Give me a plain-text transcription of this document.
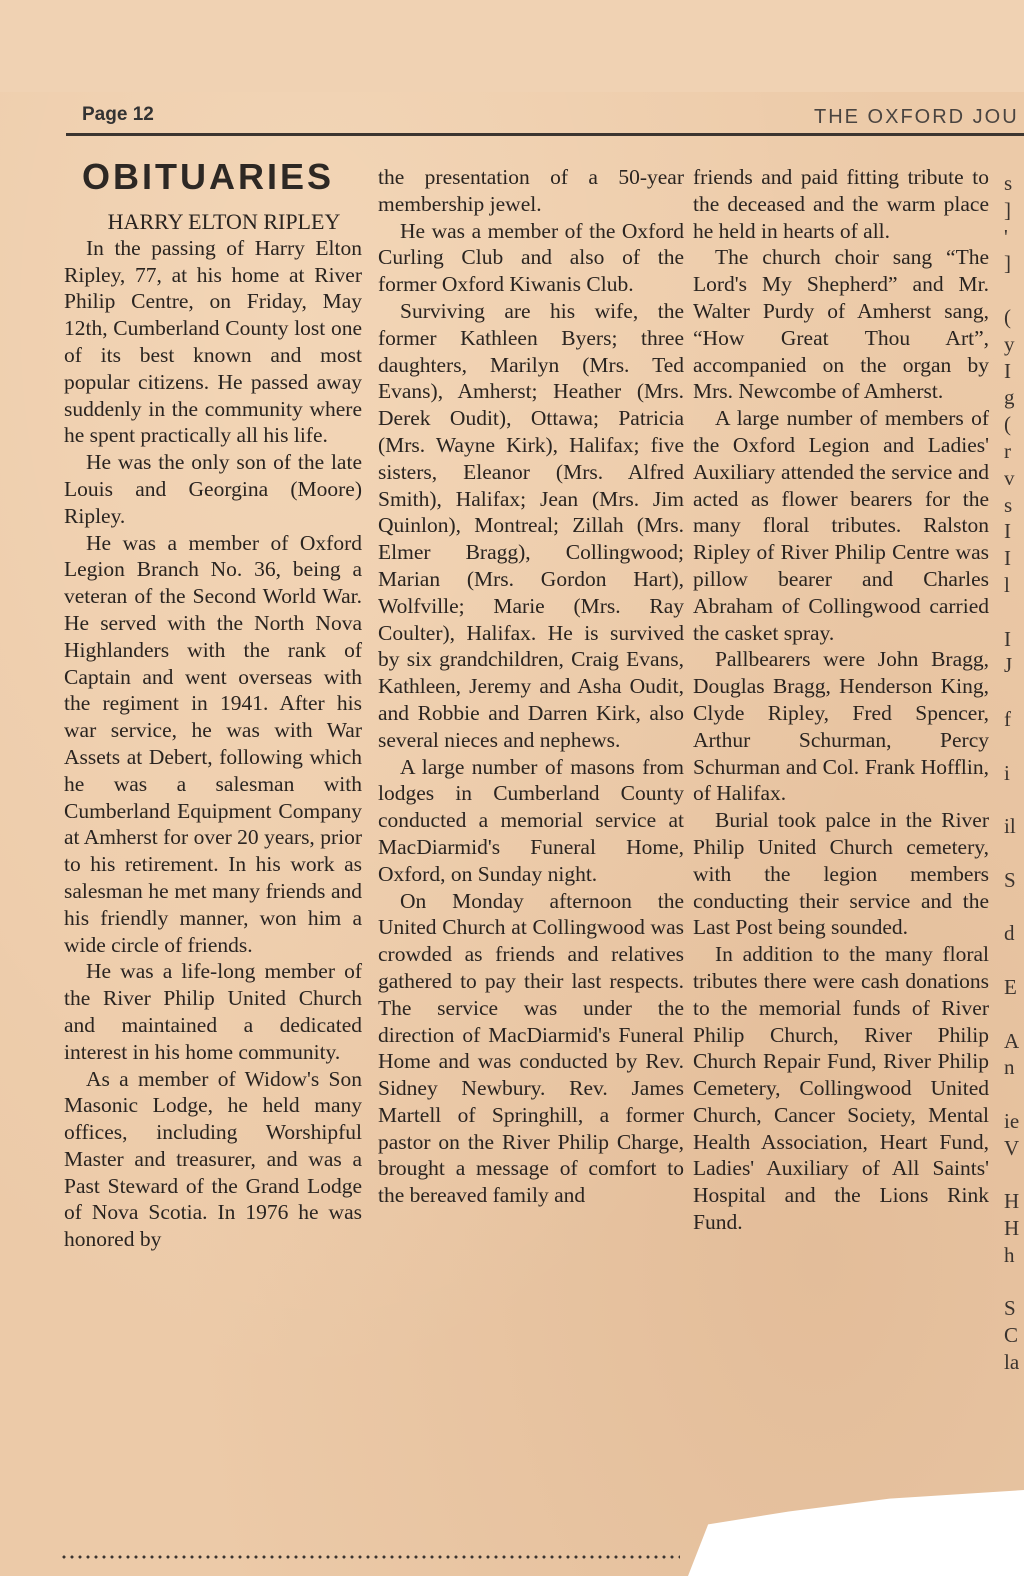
Page 12	THE OXFORD JOU
OBITUARIES

HARRY ELTON RIPLEY

In the passing of Harry Elton Ripley, 77, at his home at River Philip Centre, on Friday, May 12th, Cumberland County lost one of its best known and most popular citizens. He passed away suddenly in the community where he spent practically all his life.

He was the only son of the late Louis and Georgina (Moore) Ripley.

He was a member of Oxford Legion Branch No. 36, being a veteran of the Second World War. He served with the North Nova Highlanders with the rank of Captain and went overseas with the regiment in 1941. After his war service, he was with War Assets at Debert, following which he was a salesman with Cumberland Equipment Company at Amherst for over 20 years, prior to his retirement. In his work as salesman he met many friends and his friendly manner, won him a wide circle of friends.

He was a life-long member of the River Philip United Church and maintained a dedicated interest in his home community.

As a member of Widow's Son Masonic Lodge, he held many offices, including Worshipful Master and treasurer, and was a Past Steward of the Grand Lodge of Nova Scotia. In 1976 he was honored by

the presentation of a 50-year membership jewel.

He was a member of the Oxford Curling Club and also of the former Oxford Kiwanis Club.

Surviving are his wife, the former Kathleen Byers; three daughters, Marilyn (Mrs. Ted Evans), Amherst; Heather (Mrs. Derek Oudit), Ottawa; Patricia (Mrs. Wayne Kirk), Halifax; five sisters, Eleanor (Mrs. Alfred Smith), Halifax; Jean (Mrs. Jim Quinlon), Montreal; Zillah (Mrs. Elmer Bragg), Collingwood; Marian (Mrs. Gordon Hart), Wolfville; Marie (Mrs. Ray Coulter), Halifax. He is survived by six grandchildren, Craig Evans, Kathleen, Jeremy and Asha Oudit, and Robbie and Darren Kirk, also several nieces and nephews.

A large number of masons from lodges in Cumberland County conducted a memorial service at MacDiarmid's Funeral Home, Oxford, on Sunday night.

On Monday afternoon the United Church at Collingwood was crowded as friends and relatives gathered to pay their last respects. The service was under the direction of MacDiarmid's Funeral Home and was conducted by Rev. Sidney Newbury. Rev. James Martell of Springhill, a former pastor on the River Philip Charge, brought a message of comfort to the bereaved family and

friends and paid fitting tribute to the deceased and the warm place he held in hearts of all.

The church choir sang “The Lord's My Shepherd” and Mr. Walter Purdy of Amherst sang, “How Great Thou Art”, accompanied on the organ by Mrs. Newcombe of Amherst.

A large number of members of the Oxford Legion and Ladies' Auxiliary attended the service and acted as flower bearers for the many floral tributes. Ralston Ripley of River Philip Centre was pillow bearer and Charles Abraham of Collingwood carried the casket spray.

Pallbearers were John Bragg, Douglas Bragg, Henderson King, Clyde Ripley, Fred Spencer, Arthur Schurman, Percy Schurman and Col. Frank Hofflin, of Halifax.

Burial took palce in the River Philip United Church cemetery, with the legion members conducting their service and the Last Post being sounded.

In addition to the many floral tributes there were cash donations to the memorial funds of River Philip Church, River Philip Church Repair Fund, River Philip Cemetery, Collingwood United Church, Cancer Society, Mental Health Association, Heart Fund, Ladies' Auxiliary of All Saints' Hospital and the Lions Rink Fund.

s
]
'
]
(
y
I
g
(
r
v
s
I
I
l
I
J
f
i
il
S
d
E
A
n
ie
V
H
H
h
S
C
la
